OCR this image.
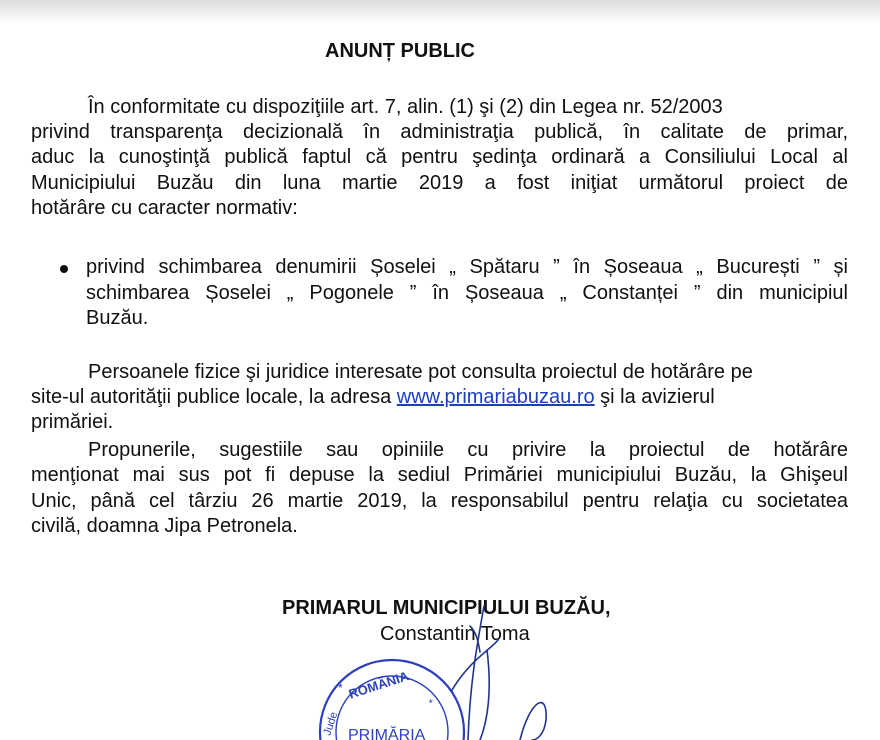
ANUNȚ PUBLIC
În conformitate cu dispoziţiile art. 7, alin. (1) şi (2) din Legea nr. 52/2003
privind transparenţa decizională în administraţia publică, în calitate de primar,
aduc la cunoştinţă publică faptul că pentru şedinţa ordinară a Consiliului Local al
Municipiului Buzău din luna martie 2019 a fost iniţiat următorul proiect de
hotărâre cu caracter normativ:
privind schimbarea denumirii Șoselei „ Spătaru ” în Șoseaua „ București ” și
schimbarea Șoselei „ Pogonele ” în Șoseaua „ Constanței ” din municipiul
Buzău.
Persoanele fizice şi juridice interesate pot consulta proiectul de hotărâre pe
site-ul autorităţii publice locale, la adresa www.primariabuzau.ro şi la avizierul
primăriei.
Propunerile, sugestiile sau opiniile cu privire la proiectul de hotărâre
menţionat mai sus pot fi depuse la sediul Primăriei municipiului Buzău, la Ghişeul
Unic, până cel târziu 26 martie 2019, la responsabilul pentru relaţia cu societatea
civilă, doamna Jipa Petronela.
PRIMARUL MUNICIPIULUI BUZĂU,
Constantin Toma
ROMÂNIA
*
Jude PRIMĂRIA
*
